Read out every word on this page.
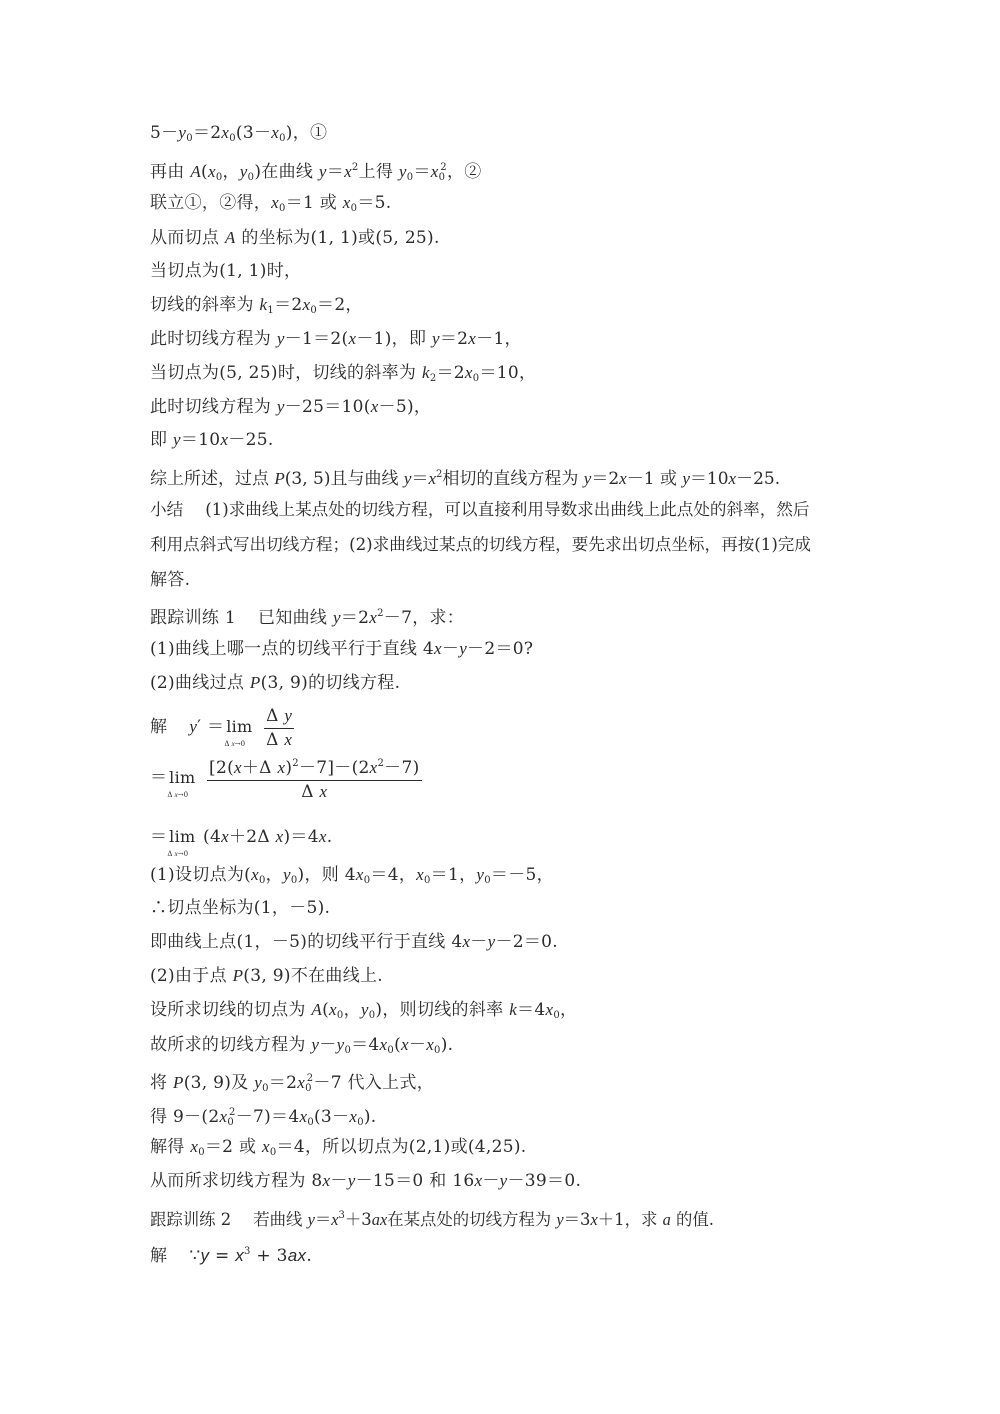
$5-y_0=2x_0(3-x_0)$，①
再由 $A(x_0$，$y_0$)在曲线 $y=x^2$上得 $y_0=x_0^2$，②
联立①，②得，$x_0=1$ 或 $x_0=5$.
从而切点 A 的坐标为(1, 1)或(5, 25).
当切点为(1, 1)时，
切线的斜率为 $k_1=2x_0=2$，
此时切线方程为 y－1＝2(x－1)，即 y＝2x－1，
当切点为(5, 25)时，切线的斜率为 $k_2=2x_0=10$，
此时切线方程为 y－25＝10(x－5)，
即 y＝10x－25.
综上所述，过点 P(3, 5)且与曲线 $y=x^2$相切的直线方程为 y＝2x－1 或 y＝10x－25.
小结 (1)求曲线上某点处的切线方程，可以直接利用导数求出曲线上此点处的斜率，然后
利用点斜式写出切线方程；(2)求曲线过某点的切线方程，要先求出切点坐标，再按(1)完成
解答.
跟踪训练 1 已知曲线 $y=2x^2-7$，求：
(1)曲线上哪一点的切线平行于直线 4x－y－2＝0?
(2)曲线过点 P(3, 9)的切线方程.
解 y′ ＝ lim
Δ x→0
	$\frac{\text{Δ y}}{\text{Δ x}}$
＝ lim
Δ x→0
	$\frac{[2(x+\Delta x)^2-7]-(2x^2-7)}{\text{Δ x}}$
＝ lim
Δ x→0
(4x＋2Δ x)＝4x.
(1)设切点为($x_0$，$y_0$)，则 $4x_0=4$，$x_0=1$，$y_0=-5$，
∴切点坐标为(1，－5).
即曲线上点(1，－5)的切线平行于直线 4x－y－2＝0.
(2)由于点 P(3, 9)不在曲线上.
设所求切线的切点为 $A(x_0$，$y_0$)，则切线的斜率 $k=4x_0$，
故所求的切线方程为 $y-y_0=4x_0(x-x_0)$.
将 P(3, 9)及 $y_0=2x_0^2-7$ 代入上式，
得 $9-(2x_0^2-7)=4x_0(3-x_0)$.
解得 $x_0=2$ 或 $x_0=4$，所以切点为(2,1)或(4,25).
从而所求切线方程为 8x－y－15＝0 和 16x－y－39＝0.
跟踪训练 2 若曲线 $y=x^3+3ax$在某点处的切线方程为 y＝3x＋1，求 a 的值.
解 ∵y = $x^3 + 3ax$.
